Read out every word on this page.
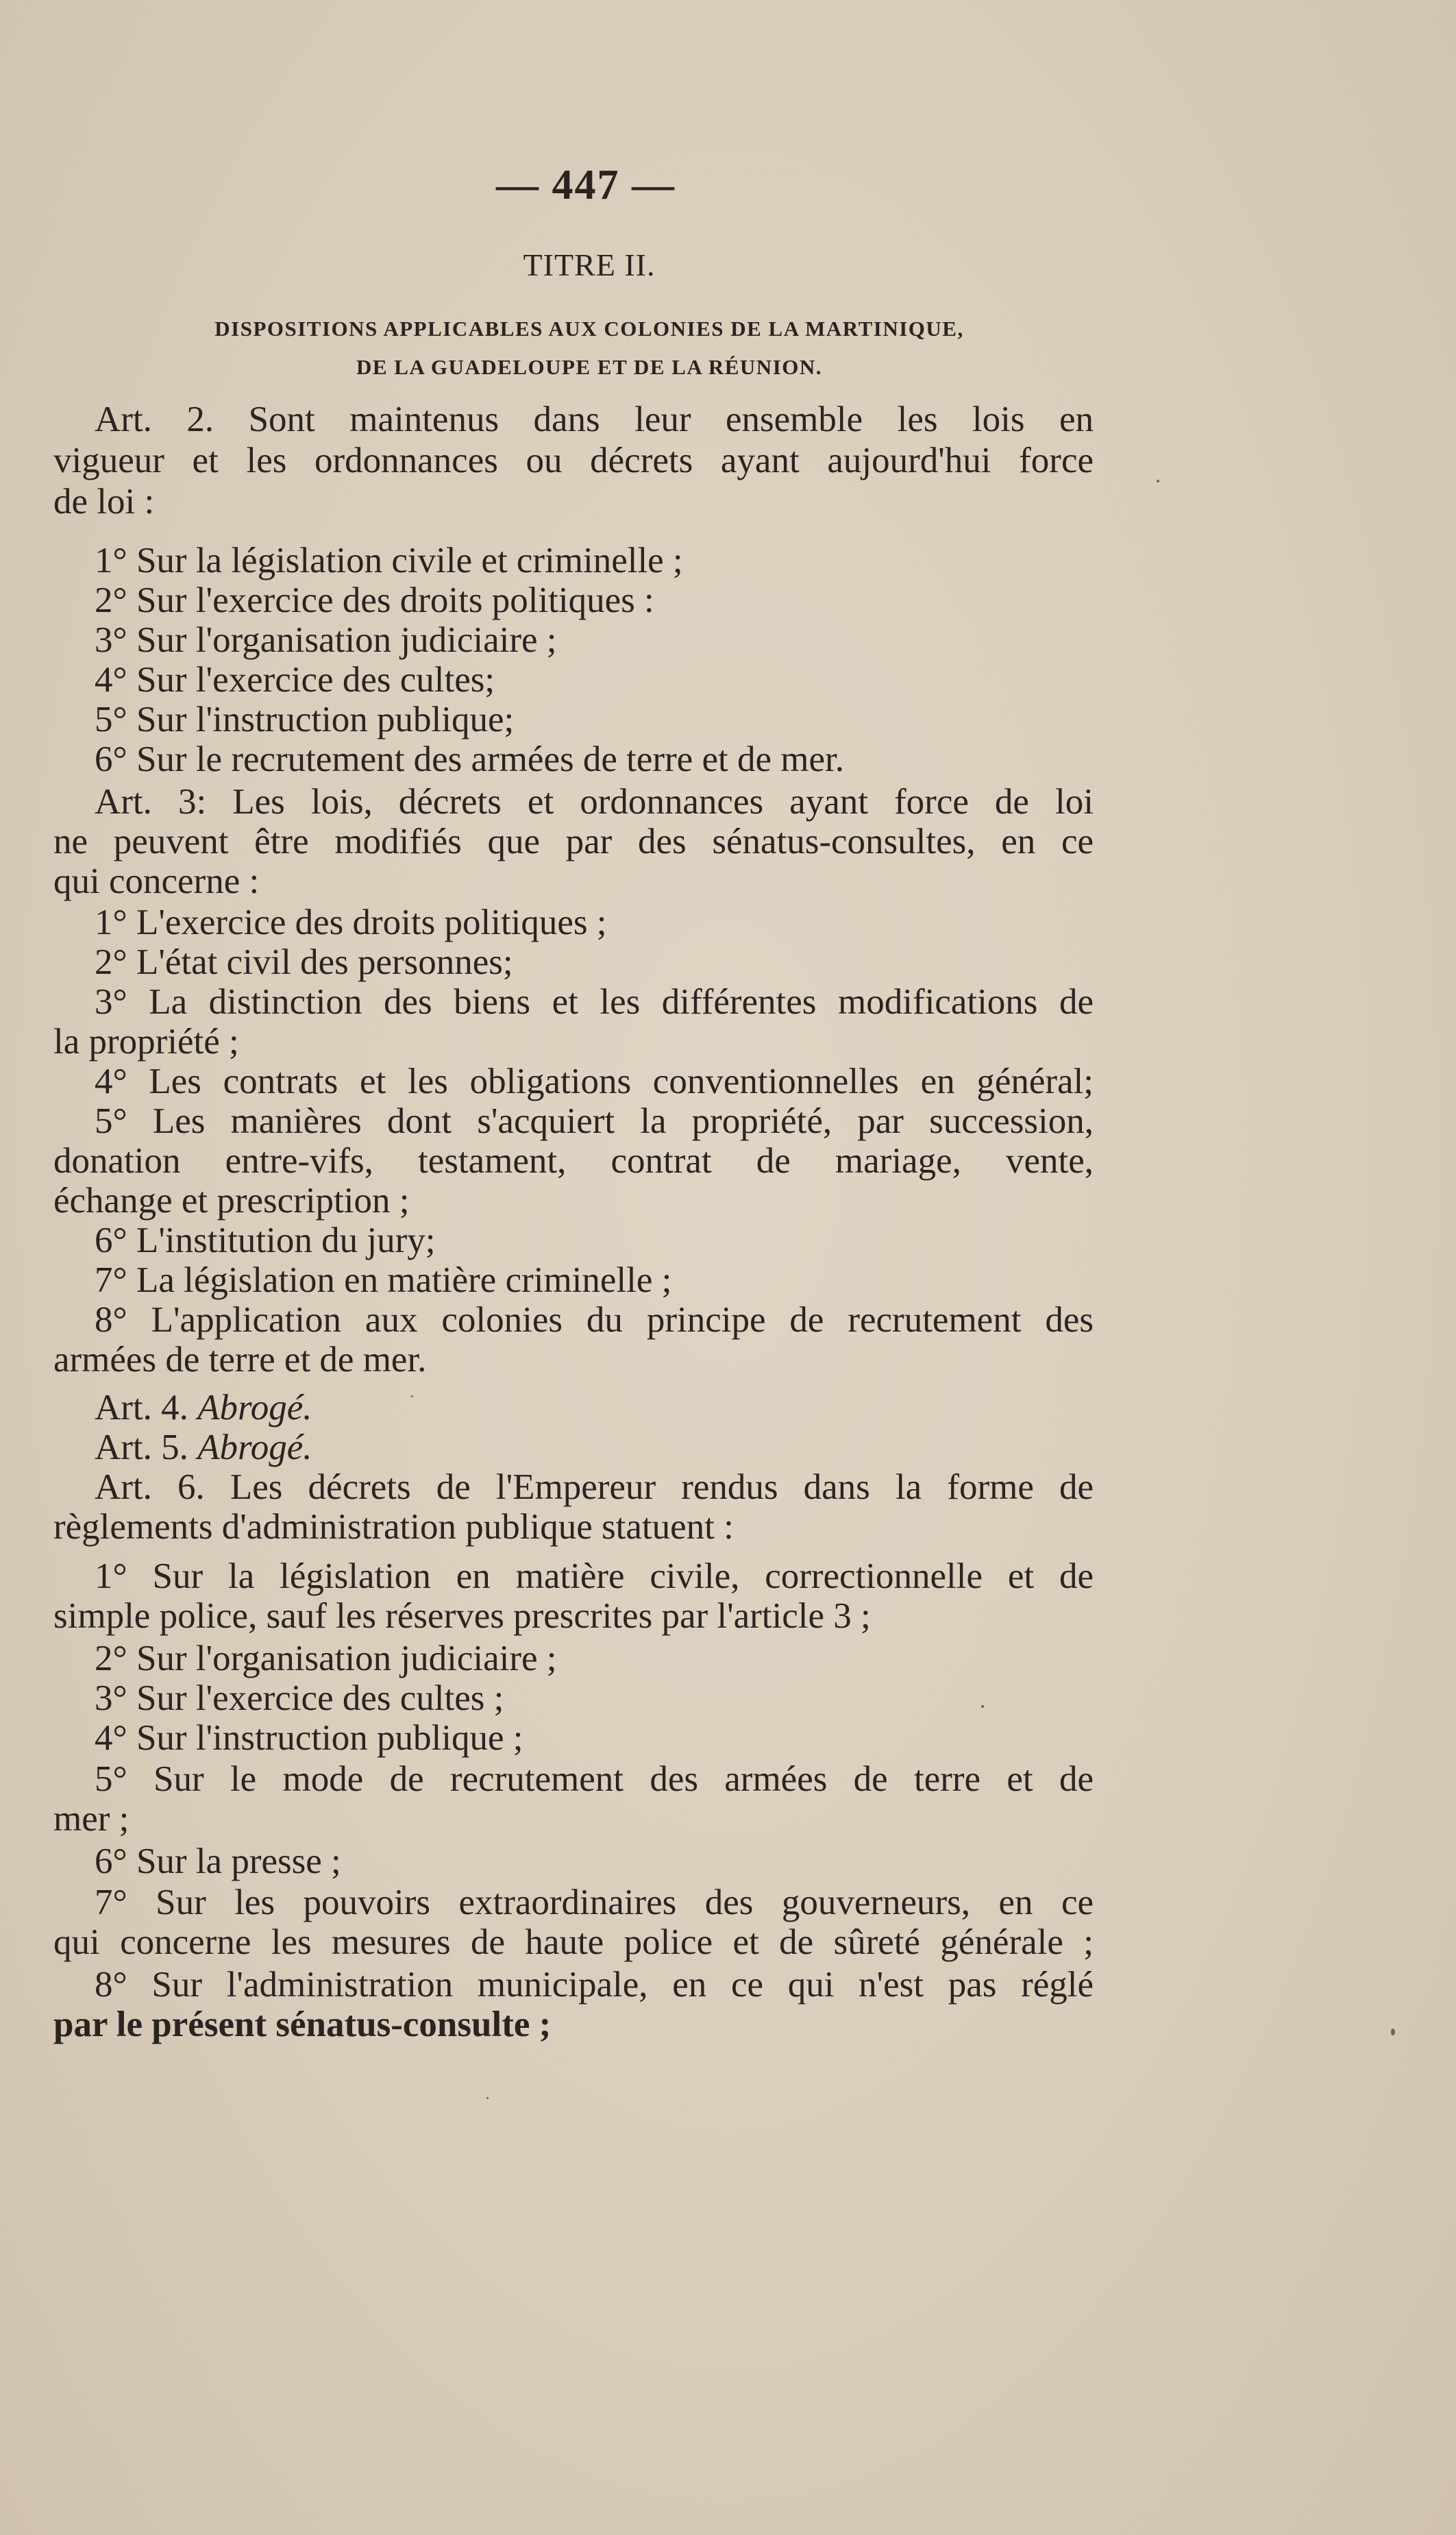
— 447 —
TITRE II.
DISPOSITIONS APPLICABLES AUX COLONIES DE LA MARTINIQUE,
DE LA GUADELOUPE ET DE LA RÉUNION.
Art. 2. Sont maintenus dans leur ensemble les lois en
vigueur et les ordonnances ou décrets ayant aujourd'hui force
de loi :
1° Sur la législation civile et criminelle ;
2° Sur l'exercice des droits politiques :
3° Sur l'organisation judiciaire ;
4° Sur l'exercice des cultes;
5° Sur l'instruction publique;
6° Sur le recrutement des armées de terre et de mer.
Art. 3: Les lois, décrets et ordonnances ayant force de loi
ne peuvent être modifiés que par des sénatus-consultes, en ce
qui concerne :
1° L'exercice des droits politiques ;
2° L'état civil des personnes;
3° La distinction des biens et les différentes modifications de
la propriété ;
4° Les contrats et les obligations conventionnelles en général;
5° Les manières dont s'acquiert la propriété, par succession,
donation entre-vifs, testament, contrat de mariage, vente,
échange et prescription ;
6° L'institution du jury;
7° La législation en matière criminelle ;
8° L'application aux colonies du principe de recrutement des
armées de terre et de mer.
Art. 4. Abrogé.
Art. 5. Abrogé.
Art. 6. Les décrets de l'Empereur rendus dans la forme de
règlements d'administration publique statuent :
1° Sur la législation en matière civile, correctionnelle et de
simple police, sauf les réserves prescrites par l'article 3 ;
2° Sur l'organisation judiciaire ;
3° Sur l'exercice des cultes ;
4° Sur l'instruction publique ;
5° Sur le mode de recrutement des armées de terre et de
mer ;
6° Sur la presse ;
7° Sur les pouvoirs extraordinaires des gouverneurs, en ce
qui concerne les mesures de haute police et de sûreté générale ;
8° Sur l'administration municipale, en ce qui n'est pas réglé
par le présent sénatus-consulte ;
